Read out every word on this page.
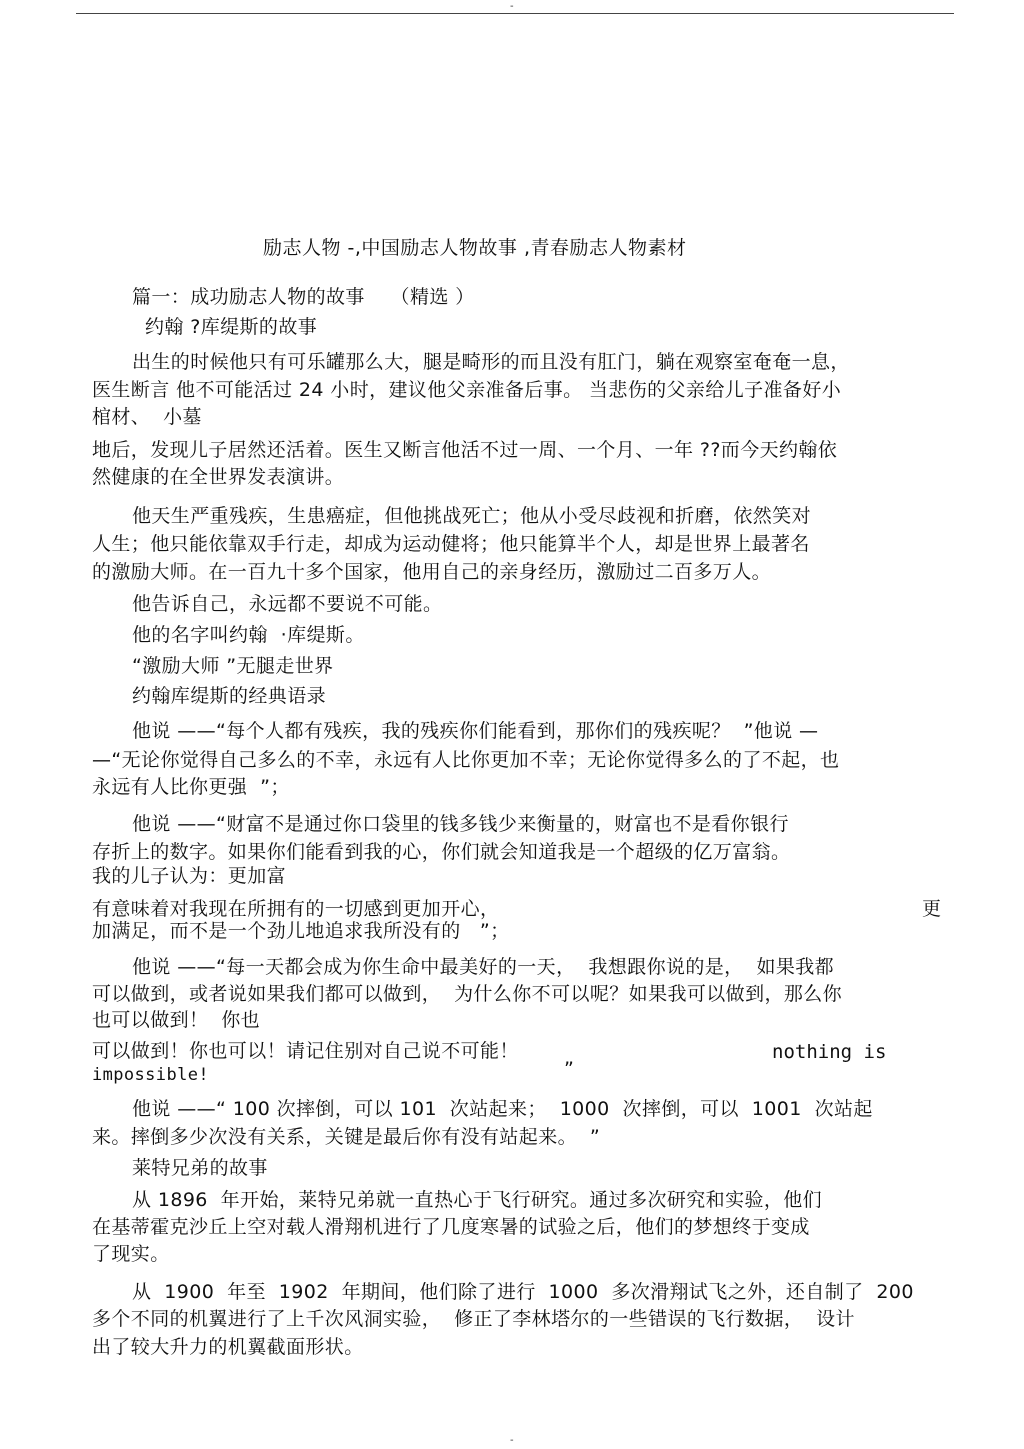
-
励志人物 -,中国励志人物故事 ,青春励志人物素材
篇一：成功励志人物的故事    （精选 ）
约翰 ?库缇斯的故事
出生的时候他只有可乐罐那么大，腿是畸形的而且没有肛门，躺在观察室奄奄一息，
医生断言 他不可能活过 24 小时，建议他父亲准备后事。 当悲伤的父亲给儿子准备好小
棺材、  小墓
地后，发现儿子居然还活着。医生又断言他活不过一周、一个月、一年 ??而今天约翰依
然健康的在全世界发表演讲。
他天生严重残疾，生患癌症，但他挑战死亡；他从小受尽歧视和折磨，依然笑对
人生；他只能依靠双手行走，却成为运动健将；他只能算半个人，却是世界上最著名
的激励大师。在一百九十多个国家，他用自己的亲身经历，激励过二百多万人。
他告诉自己，永远都不要说不可能。
他的名字叫约翰  ·库缇斯。
“激励大师 ”无腿走世界
约翰库缇斯的经典语录
他说 ——“每个人都有残疾，我的残疾你们能看到，那你们的残疾呢？  ”他说 —
—“无论你觉得自己多么的不幸，永远有人比你更加不幸；无论你觉得多么的了不起，也
永远有人比你更强  ”；
他说 ——“财富不是通过你口袋里的钱多钱少来衡量的，财富也不是看你银行
存折上的数字。如果你们能看到我的心，你们就会知道我是一个超级的亿万富翁。
我的儿子认为：更加富
有意味着对我现在所拥有的一切感到更加开心，	更
加满足，而不是一个劲儿地追求我所没有的   ”；
他说 ——“每一天都会成为你生命中最美好的一天，  我想跟你说的是，  如果我都
可以做到，或者说如果我们都可以做到，  为什么你不可以呢？如果我可以做到，那么你
也可以做到！  你也
可以做到！你也可以！请记住别对自己说不可能！	nothing is
impossible!	”
他说 ——“ 100 次摔倒，可以 101  次站起来；  1000  次摔倒，可以  1001  次站起
来。摔倒多少次没有关系，关键是最后你有没有站起来。  ”
莱特兄弟的故事
从 1896  年开始，莱特兄弟就一直热心于飞行研究。通过多次研究和实验，他们
在基蒂霍克沙丘上空对载人滑翔机进行了几度寒暑的试验之后，他们的梦想终于变成
了现实。
从  1900  年至  1902  年期间，他们除了进行  1000  多次滑翔试飞之外，还自制了  200
多个不同的机翼进行了上千次风洞实验，  修正了李林塔尔的一些错误的飞行数据，  设计
出了较大升力的机翼截面形状。
-
